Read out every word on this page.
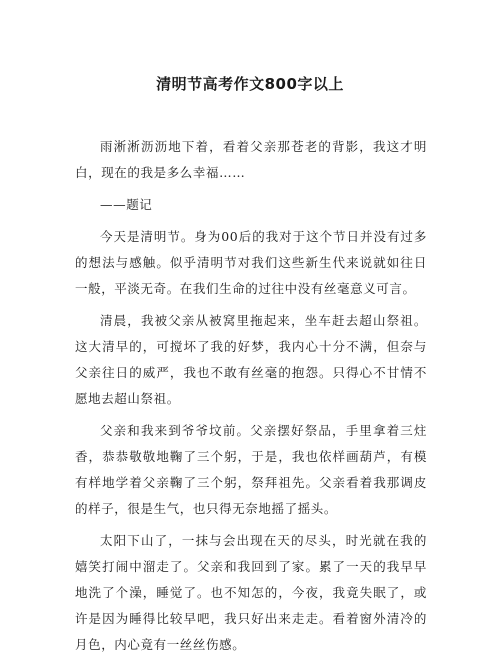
清明节高考作文800字以上

雨淅淅沥沥地下着，看着父亲那苍老的背影，我这才明白，现在的我是多么幸福……

——题记

今天是清明节。身为00后的我对于这个节日并没有过多的想法与感触。似乎清明节对我们这些新生代来说就如往日一般，平淡无奇。在我们生命的过往中没有丝毫意义可言。

清晨，我被父亲从被窝里拖起来，坐车赶去超山祭祖。这大清早的，可搅坏了我的好梦，我内心十分不满，但奈与父亲往日的威严，我也不敢有丝毫的抱怨。只得心不甘情不愿地去超山祭祖。

父亲和我来到爷爷坟前。父亲摆好祭品，手里拿着三炷香，恭恭敬敬地鞠了三个躬，于是，我也依样画葫芦，有模有样地学着父亲鞠了三个躬，祭拜祖先。父亲看着我那调皮的样子，很是生气，也只得无奈地摇了摇头。

太阳下山了，一抹与会出现在天的尽头，时光就在我的嬉笑打闹中溜走了。父亲和我回到了家。累了一天的我早早地洗了个澡，睡觉了。也不知怎的，今夜，我竟失眠了，或许是因为睡得比较早吧，我只好出来走走。看着窗外清冷的月色，内心竟有一丝丝伤感。
